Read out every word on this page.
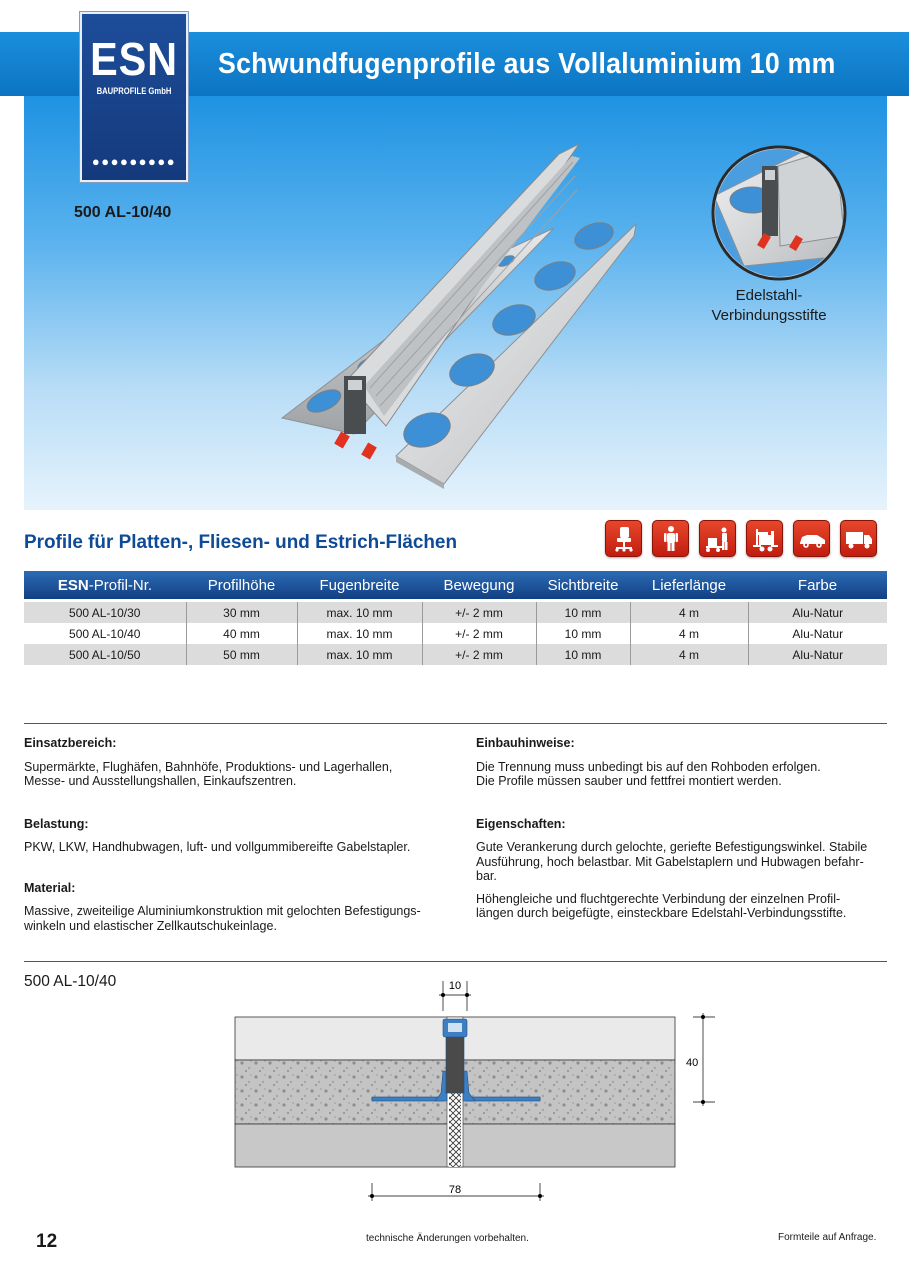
Schwundfugenprofile aus Vollaluminium 10 mm
500 AL-10/40
Edelstahl-
Verbindungsstifte
ESN
BAUPROFILE GmbH
●●●●●●●●●
Profile für Platten-, Fliesen- und Estrich-Flächen
ESN-Profil-Nr.	Profilhöhe	Fugenbreite	Bewegung	Sichtbreite	Lieferlänge	Farbe

500 AL-10/30	30 mm	max. 10 mm	+/- 2 mm	10 mm	4 m	Alu-Natur
500 AL-10/40	40 mm	max. 10 mm	+/- 2 mm	10 mm	4 m	Alu-Natur
500 AL-10/50	50 mm	max. 10 mm	+/- 2 mm	10 mm	4 m	Alu-Natur
Einsatzbereich:

Supermärkte, Flughäfen, Bahnhöfe, Produktions- und Lagerhallen,
Messe- und Ausstellungshallen, Einkaufszentren.

Belastung:

PKW, LKW, Handhubwagen, luft- und vollgummibereifte Gabelstapler.

Material:

Massive, zweiteilige Aluminiumkonstruktion mit gelochten Befestigungs-
winkeln und elastischer Zellkautschukeinlage.

Einbauhinweise:

Die Trennung muss unbedingt bis auf den Rohboden erfolgen.
Die Profile müssen sauber und fettfrei montiert werden.

Eigenschaften:

Gute Verankerung durch gelochte, geriefte Befestigungswinkel. Stabile
Ausführung, hoch belastbar. Mit Gabelstaplern und Hubwagen befahr-
bar.

Höhengleiche und fluchtgerechte Verbindung der einzelnen Profil-
längen durch beigefügte, einsteckbare Edelstahl-Verbindungsstifte.

500 AL-10/40	10
40
78
12	technische Änderungen vorbehalten.	Formteile auf Anfrage.
